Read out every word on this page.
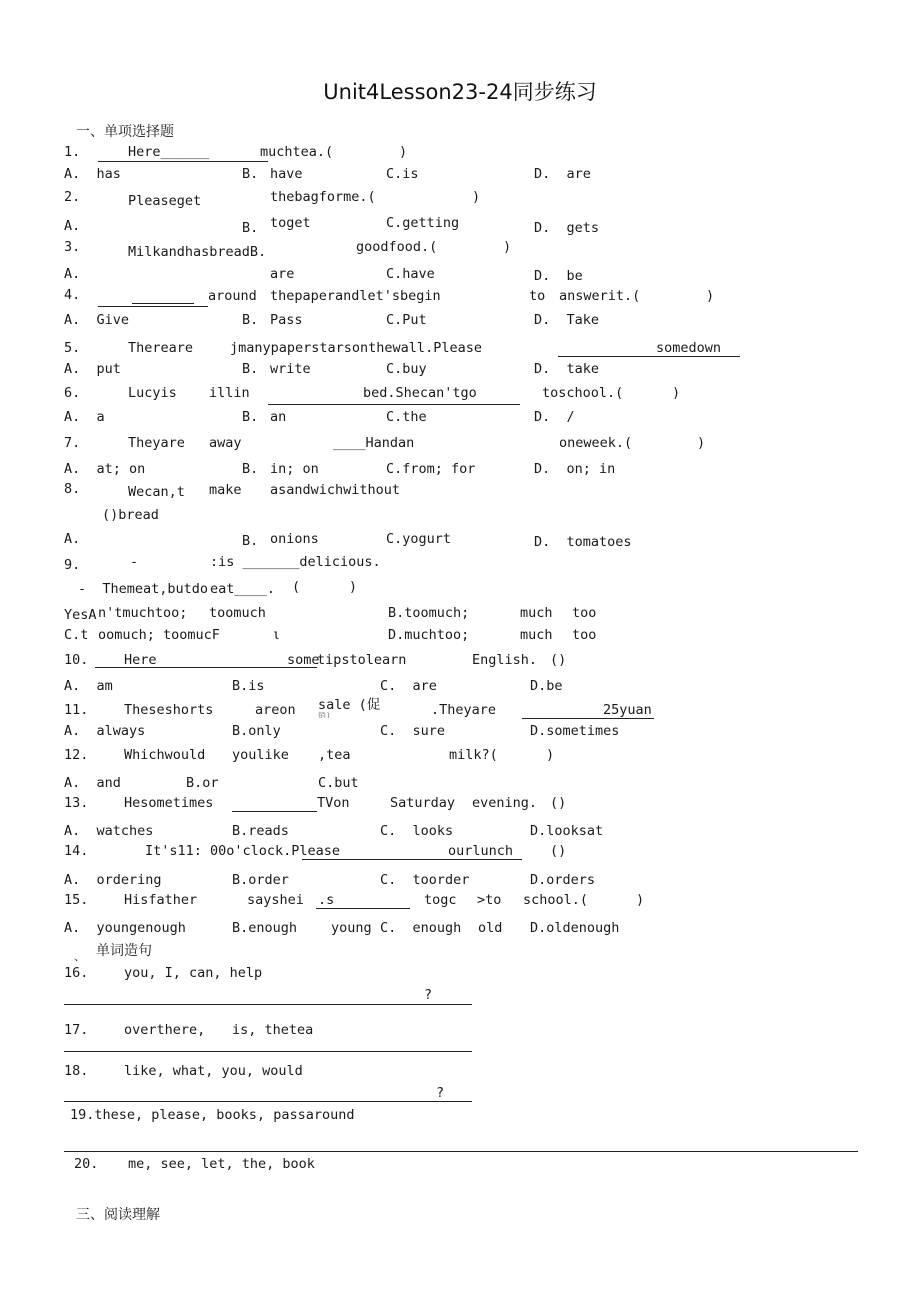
Unit4Lesson23-24同步练习
一、单项选择题
1.	Here______	muchtea.(	)
A.  has	B. have	C.is	D.  are
2.	Pleaseget	thebagforme.(	)
A.	B. toget	C.getting	D.  gets
3.	MilkandhasbreadB.	goodfood.(	)
A.	are	C.have	D.  be
4.	around thepaperandlet'sbegin	to answerit.(	)
A.  Give	B. Pass	C.Put	D.  Take
5.	Thereare	jmanypaperstarsonthewall.Please	somedown
A.  put	B. write	C.buy	D.  take
6.	Lucyis illin	bed.Shecan'tgo	toschool.(	)
A.  a	B. an	C.the	D.  /
7.	Theyare away	____Handan	oneweek.(	)
A.  at; on	B. in; on	C.from; for	D.  on; in
8.	Wecan,t make asandwichwithout
()bread
A.	B. onions	C.yogurt	D.  tomatoes
9.	-	:is _______delicious.
-  Themeat,butdo eat____. (      )
YesA n'tmuchtoo; toomuch	B.toomuch;	much too
C.t oomuch; toomucF	ι	D.muchtoo;	much too
10.	Here	some
tipstolearn	English. ()
A.  am	B.is	C.  are	D.be
11.	Theseshorts	areon sale (促
销)	.Theyare	25yuan
A.  always	B.only	C.  sure	D.sometimes
12.	Whichwould youlike ,tea	milk?(	)
A.  and	B.or	C.but
13.	Hesometimes	TVon	Saturday evening. ()
A.  watches	B.reads	C.  looks	D.looksat
14.	It's11: 00o'clock.Please	ourlunch	()
A.  ordering	B.order	C.  toorder	D.orders
15.	Hisfather	sayshei .s	togc >to school.(	)
A.  youngenough	B.enough	young C.  enough old D.oldenough
、 单词造句
16.	you, I, can, help
?
17.	overthere, is, thetea
18.	like, what, you, would
?
19.these, please, books, passaround
20. me, see, let, the, book
三、阅读理解
